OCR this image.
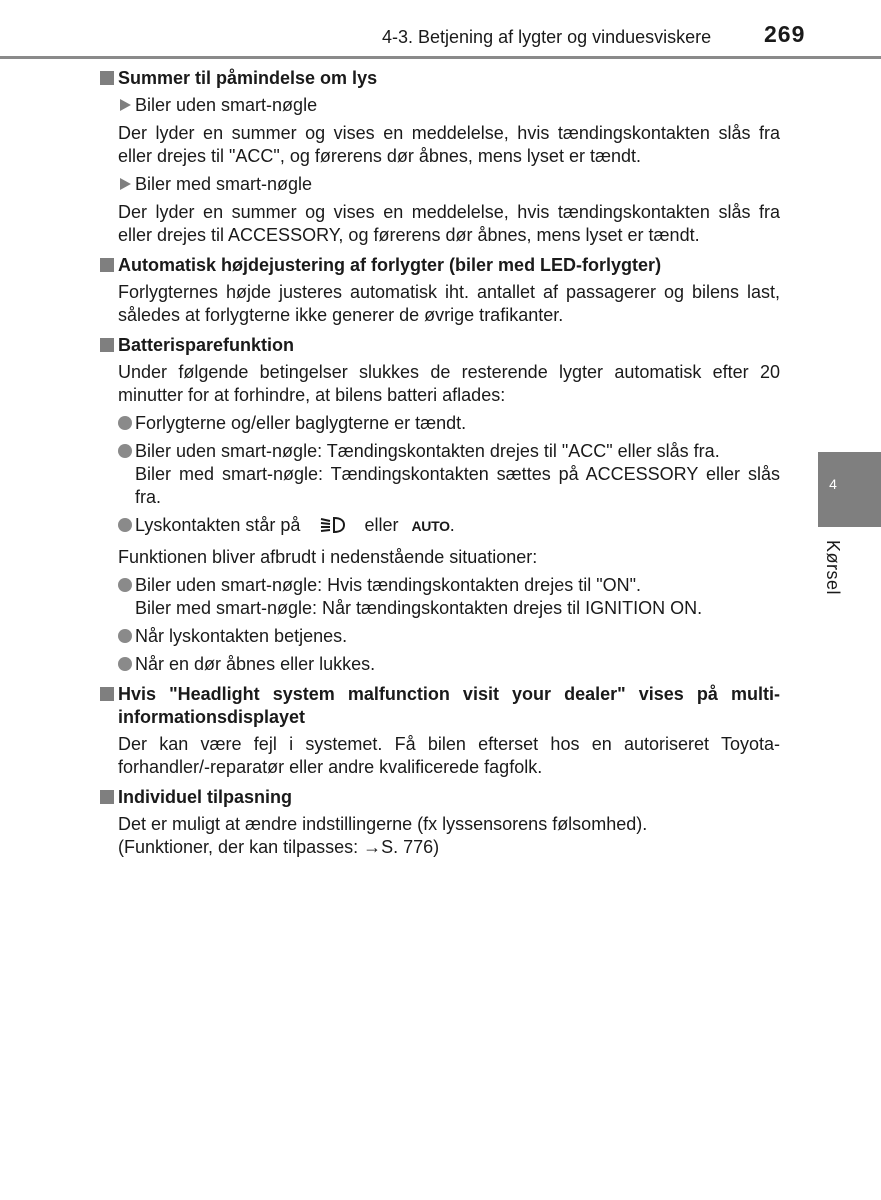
4-3. Betjening af lygter og vinduesviskere 269
4
Kørsel
Summer til påmindelse om lys
Biler uden smart-nøgle
Der lyder en summer og vises en meddelelse, hvis tændingskontakten slås fra eller drejes til "ACC", og førerens dør åbnes, mens lyset er tændt.
Biler med smart-nøgle
Der lyder en summer og vises en meddelelse, hvis tændingskontakten slås fra eller drejes til ACCESSORY, og førerens dør åbnes, mens lyset er tændt.
Automatisk højdejustering af forlygter (biler med LED-forlygter)
Forlygternes højde justeres automatisk iht. antallet af passagerer og bilens last, således at forlygterne ikke generer de øvrige trafikanter.
Batterisparefunktion
Under følgende betingelser slukkes de resterende lygter automatisk efter 20 minutter for at forhindre, at bilens batteri aflades:
Forlygterne og/eller baglygterne er tændt.
Biler uden smart-nøgle: Tændingskontakten drejes til "ACC" eller slås fra.
Biler med smart-nøgle: Tændingskontakten sættes på ACCESSORY eller slås fra.
Lyskontakten står på	eller AUTO.
Funktionen bliver afbrudt i nedenstående situationer:
Biler uden smart-nøgle: Hvis tændingskontakten drejes til "ON".
Biler med smart-nøgle: Når tændingskontakten drejes til IGNITION ON.
Når lyskontakten betjenes.
Når en dør åbnes eller lukkes.
Hvis "Headlight system malfunction visit your dealer" vises på multi-informationsdisplayet
Der kan være fejl i systemet. Få bilen efterset hos en autoriseret Toyota-forhandler/-reparatør eller andre kvalificerede fagfolk.
Individuel tilpasning
Det er muligt at ændre indstillingerne (fx lyssensorens følsomhed).
(Funktioner, der kan tilpasses: →S. 776)
